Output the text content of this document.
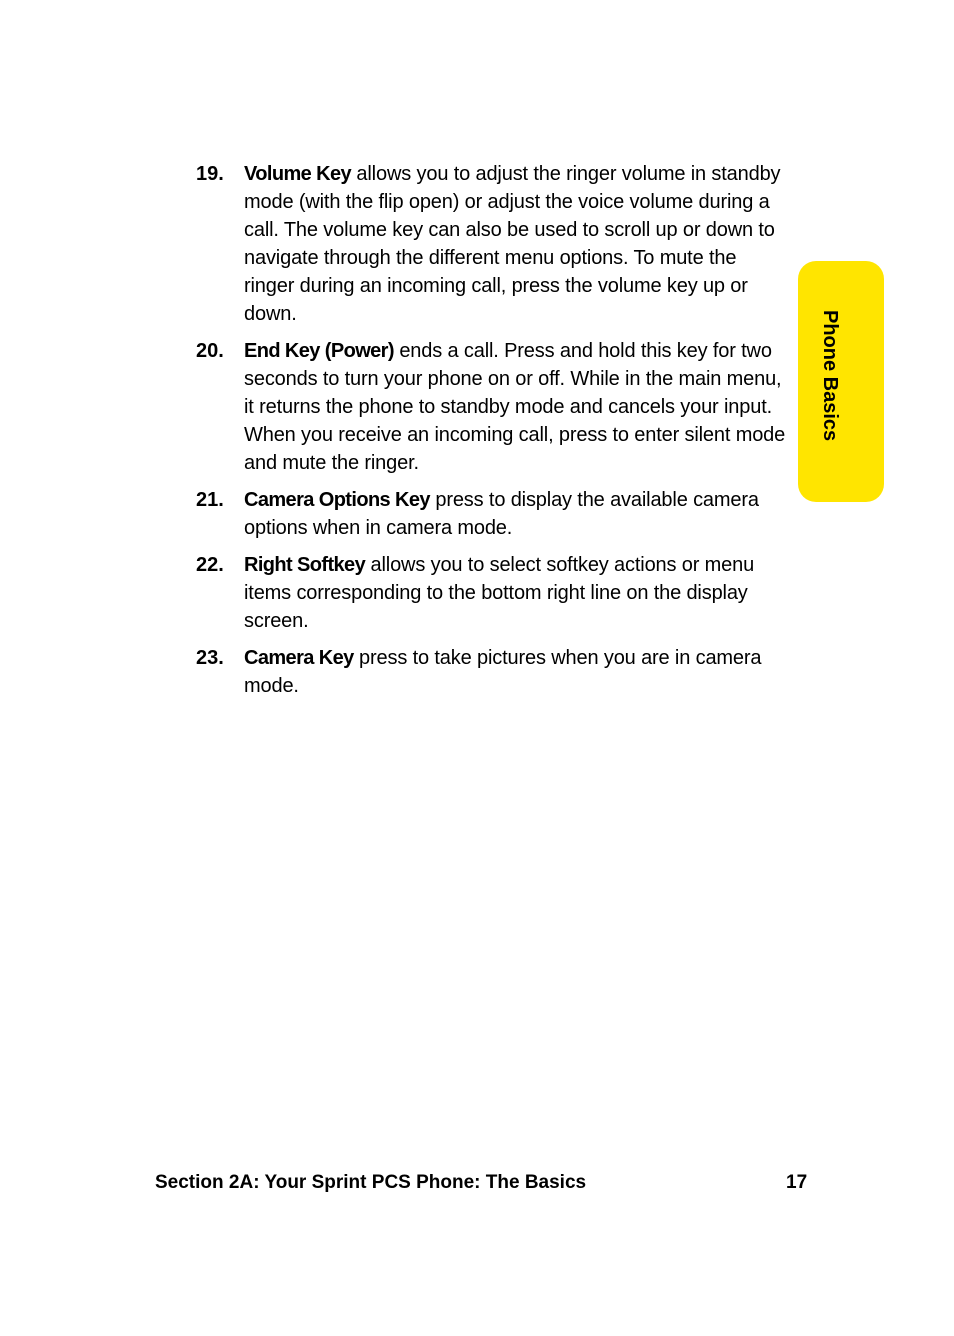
Phone Basics
19.	Volume Key allows you to adjust the ringer volume in standby mode (with the flip open) or adjust the voice volume during a call. The volume key can also be used to scroll up or down to navigate through the different menu options. To mute the ringer during an incoming call, press the volume key up or down.
20.	End Key (Power) ends a call. Press and hold this key for two seconds to turn your phone on or off. While in the main menu, it returns the phone to standby mode and cancels your input. When you receive an incoming call, press to enter silent mode and mute the ringer.
21.	Camera Options Key press to display the available camera options when in camera mode.
22.	Right Softkey allows you to select softkey actions or menu items corresponding to the bottom right line on the display screen.
23.	Camera Key press to take pictures when you are in camera mode.
Section 2A: Your Sprint PCS Phone: The Basics	17
